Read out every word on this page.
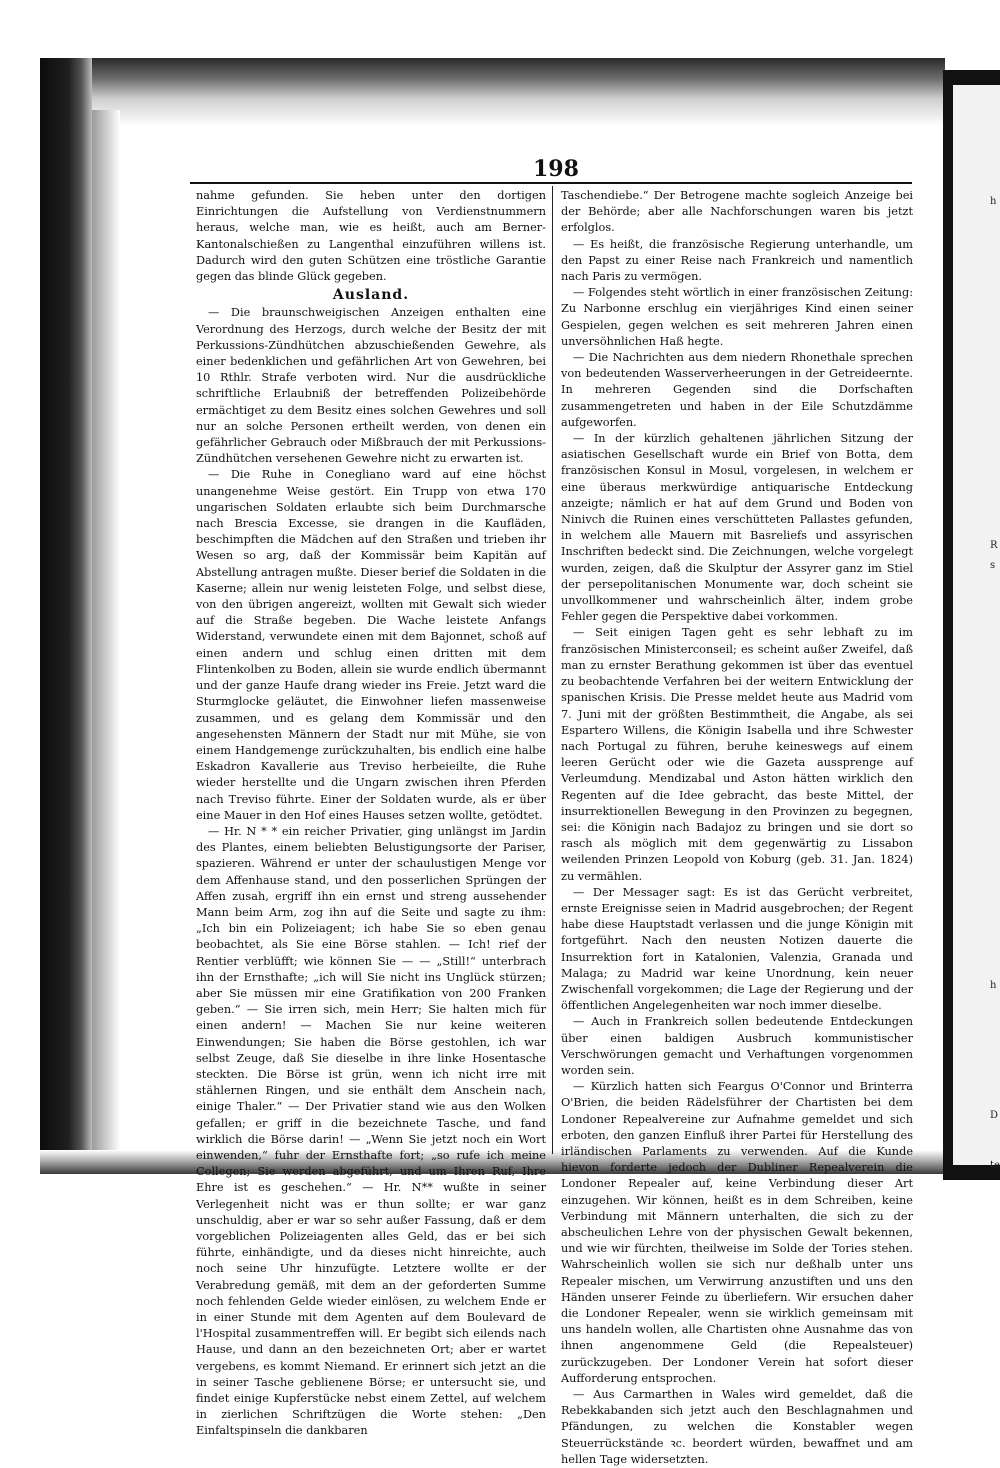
h
R
s
h
D
te
198

nahme gefunden. Sie heben unter den dortigen Einrichtungen die Aufstellung von Verdienstnummern heraus, welche man, wie es heißt, auch am Berner-Kantonalschießen zu Langenthal einzuführen willens ist. Dadurch wird den guten Schützen eine tröstliche Garantie gegen das blinde Glück gegeben.

Ausland.

— Die braunschweigischen Anzeigen enthalten eine Verordnung des Herzogs, durch welche der Besitz der mit Perkussions-Zündhütchen abzuschießenden Gewehre, als einer bedenklichen und gefährlichen Art von Gewehren, bei 10 Rthlr. Strafe verboten wird. Nur die ausdrückliche schriftliche Erlaubniß der betreffenden Polizeibehörde ermächtiget zu dem Besitz eines solchen Gewehres und soll nur an solche Personen ertheilt werden, von denen ein gefährlicher Gebrauch oder Mißbrauch der mit Perkussions-Zündhütchen versehenen Gewehre nicht zu erwarten ist.

— Die Ruhe in Conegliano ward auf eine höchst unangenehme Weise gestört. Ein Trupp von etwa 170 ungarischen Soldaten erlaubte sich beim Durchmarsche nach Brescia Excesse, sie drangen in die Kaufläden, beschimpften die Mädchen auf den Straßen und trieben ihr Wesen so arg, daß der Kommissär beim Kapitän auf Abstellung antragen mußte. Dieser berief die Soldaten in die Kaserne; allein nur wenig leisteten Folge, und selbst diese, von den übrigen angereizt, wollten mit Gewalt sich wieder auf die Straße begeben. Die Wache leistete Anfangs Widerstand, verwundete einen mit dem Bajonnet, schoß auf einen andern und schlug einen dritten mit dem Flintenkolben zu Boden, allein sie wurde endlich übermannt und der ganze Haufe drang wieder ins Freie. Jetzt ward die Sturmglocke geläutet, die Einwohner liefen massenweise zusammen, und es gelang dem Kommissär und den angesehensten Männern der Stadt nur mit Mühe, sie von einem Handgemenge zurückzuhalten, bis endlich eine halbe Eskadron Kavallerie aus Treviso herbeieilte, die Ruhe wieder herstellte und die Ungarn zwischen ihren Pferden nach Treviso führte. Einer der Soldaten wurde, als er über eine Mauer in den Hof eines Hauses setzen wollte, getödtet.

— Hr. N * * ein reicher Privatier, ging unlängst im Jardin des Plantes, einem beliebten Belustigungsorte der Pariser, spazieren. Während er unter der schaulustigen Menge vor dem Affenhause stand, und den posserlichen Sprüngen der Affen zusah, ergriff ihn ein ernst und streng aussehender Mann beim Arm, zog ihn auf die Seite und sagte zu ihm: „Ich bin ein Polizeiagent; ich habe Sie so eben genau beobachtet, als Sie eine Börse stahlen. — Ich! rief der Rentier verblüfft; wie können Sie — — „Still!“ unterbrach ihn der Ernsthafte; „ich will Sie nicht ins Unglück stürzen; aber Sie müssen mir eine Gratifikation von 200 Franken geben.“ — Sie irren sich, mein Herr; Sie halten mich für einen andern! — Machen Sie nur keine weiteren Einwendungen; Sie haben die Börse gestohlen, ich war selbst Zeuge, daß Sie dieselbe in ihre linke Hosentasche steckten. Die Börse ist grün, wenn ich nicht irre mit stählernen Ringen, und sie enthält dem Anschein nach, einige Thaler.“ — Der Privatier stand wie aus den Wolken gefallen; er griff in die bezeichnete Tasche, und fand wirklich die Börse darin! — „Wenn Sie jetzt noch ein Wort einwenden,“ fuhr der Ernsthafte fort; „so rufe ich meine Collegen; Sie werden abgeführt, und um Ihren Ruf, Ihre Ehre ist es geschehen.“ — Hr. N** wußte in seiner Verlegenheit nicht was er thun sollte; er war ganz unschuldig, aber er war so sehr außer Fassung, daß er dem vorgeblichen Polizeiagenten alles Geld, das er bei sich führte, einhändigte, und da dieses nicht hinreichte, auch noch seine Uhr hinzufügte. Letztere wollte er der Verabredung gemäß, mit dem an der geforderten Summe noch fehlenden Gelde wieder einlösen, zu welchem Ende er in einer Stunde mit dem Agenten auf dem Boulevard de l'Hospital zusammentreffen will. Er begibt sich eilends nach Hause, und dann an den bezeichneten Ort; aber er wartet vergebens, es kommt Niemand. Er erinnert sich jetzt an die in seiner Tasche geblienene Börse; er untersucht sie, und findet einige Kupferstücke nebst einem Zettel, auf welchem in zierlichen Schriftzügen die Worte stehen: „Den Einfaltspinseln die dankbaren

Taschendiebe.“ Der Betrogene machte sogleich Anzeige bei der Behörde; aber alle Nachforschungen waren bis jetzt erfolglos.

— Es heißt, die französische Regierung unterhandle, um den Papst zu einer Reise nach Frankreich und namentlich nach Paris zu vermögen.

— Folgendes steht wörtlich in einer französischen Zeitung: Zu Narbonne erschlug ein vierjähriges Kind einen seiner Gespielen, gegen welchen es seit mehreren Jahren einen unversöhnlichen Haß hegte.

— Die Nachrichten aus dem niedern Rhonethale sprechen von bedeutenden Wasserverheerungen in der Getreideernte. In mehreren Gegenden sind die Dorfschaften zusammengetreten und haben in der Eile Schutzdämme aufgeworfen.

— In der kürzlich gehaltenen jährlichen Sitzung der asiatischen Gesellschaft wurde ein Brief von Botta, dem französischen Konsul in Mosul, vorgelesen, in welchem er eine überaus merkwürdige antiquarische Entdeckung anzeigte; nämlich er hat auf dem Grund und Boden von Ninivch die Ruinen eines verschütteten Pallastes gefunden, in welchem alle Mauern mit Basreliefs und assyrischen Inschriften bedeckt sind. Die Zeichnungen, welche vorgelegt wurden, zeigen, daß die Skulptur der Assyrer ganz im Stiel der persepolitanischen Monumente war, doch scheint sie unvollkommener und wahrscheinlich älter, indem grobe Fehler gegen die Perspektive dabei vorkommen.

— Seit einigen Tagen geht es sehr lebhaft zu im französischen Ministerconseil; es scheint außer Zweifel, daß man zu ernster Berathung gekommen ist über das eventuel zu beobachtende Verfahren bei der weitern Entwicklung der spanischen Krisis. Die Presse meldet heute aus Madrid vom 7. Juni mit der größten Bestimmtheit, die Angabe, als sei Espartero Willens, die Königin Isabella und ihre Schwester nach Portugal zu führen, beruhe keineswegs auf einem leeren Gerücht oder wie die Gazeta aussprenge auf Verleumdung. Mendizabal und Aston hätten wirklich den Regenten auf die Idee gebracht, das beste Mittel, der insurrektionellen Bewegung in den Provinzen zu begegnen, sei: die Königin nach Badajoz zu bringen und sie dort so rasch als möglich mit dem gegenwärtig zu Lissabon weilenden Prinzen Leopold von Koburg (geb. 31. Jan. 1824) zu vermählen.

— Der Messager sagt: Es ist das Gerücht verbreitet, ernste Ereignisse seien in Madrid ausgebrochen; der Regent habe diese Hauptstadt verlassen und die junge Königin mit fortgeführt. Nach den neusten Notizen dauerte die Insurrektion fort in Katalonien, Valenzia, Granada und Malaga; zu Madrid war keine Unordnung, kein neuer Zwischenfall vorgekommen; die Lage der Regierung und der öffentlichen Angelegenheiten war noch immer dieselbe.

— Auch in Frankreich sollen bedeutende Entdeckungen über einen baldigen Ausbruch kommunistischer Verschwörungen gemacht und Verhaftungen vorgenommen worden sein.

— Kürzlich hatten sich Feargus O'Connor und Brinterra O'Brien, die beiden Rädelsführer der Chartisten bei dem Londoner Repealvereine zur Aufnahme gemeldet und sich erboten, den ganzen Einfluß ihrer Partei für Herstellung des irländischen Parlaments zu verwenden. Auf die Kunde hievon forderte jedoch der Dubliner Repealverein die Londoner Repealer auf, keine Verbindung dieser Art einzugehen. Wir können, heißt es in dem Schreiben, keine Verbindung mit Männern unterhalten, die sich zu der abscheulichen Lehre von der physischen Gewalt bekennen, und wie wir fürchten, theilweise im Solde der Tories stehen. Wahrscheinlich wollen sie sich nur deßhalb unter uns Repealer mischen, um Verwirrung anzustiften und uns den Händen unserer Feinde zu überliefern. Wir ersuchen daher die Londoner Repealer, wenn sie wirklich gemeinsam mit uns handeln wollen, alle Chartisten ohne Ausnahme das von ihnen angenommene Geld (die Repealsteuer) zurückzugeben. Der Londoner Verein hat sofort dieser Aufforderung entsprochen.

— Aus Carmarthen in Wales wird gemeldet, daß die Rebekkabanden sich jetzt auch den Beschlagnahmen und Pfändungen, zu welchen die Konstabler wegen Steuerrückstände ꝛc. beordert würden, bewaffnet und am hellen Tage widersetzten.
